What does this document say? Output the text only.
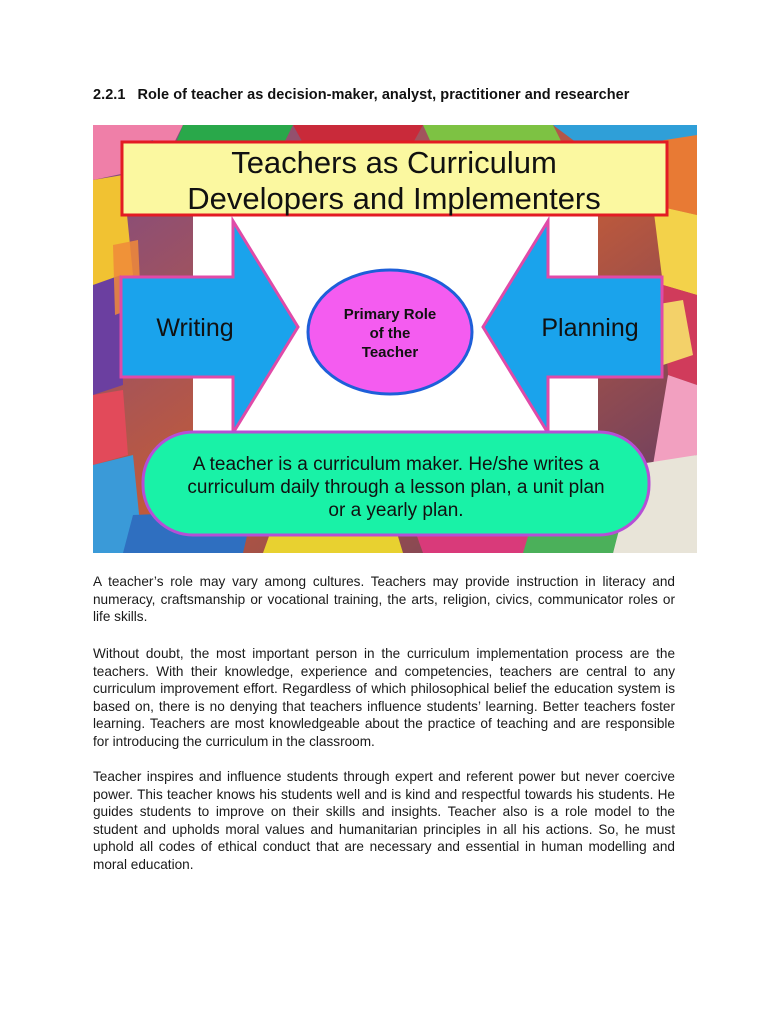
2.2.1 Role of teacher as decision-maker, analyst, practitioner and researcher
Teachers as Curriculum
Developers and Implementers
Writing	Planning
Primary Role
of the
Teacher
A teacher is a curriculum maker. He/she writes a
curriculum daily through a lesson plan, a unit plan
or a yearly plan.

A teacher’s role may vary among cultures. Teachers may provide instruction in literacy and numeracy, craftsmanship or vocational training, the arts, religion, civics, communicator roles or life skills.

Without doubt, the most important person in the curriculum implementation process are the teachers. With their knowledge, experience and competencies, teachers are central to any curriculum improvement effort. Regardless of which philosophical belief the education system is based on, there is no denying that teachers influence students’ learning. Better teachers foster learning. Teachers are most knowledgeable about the practice of teaching and are responsible for introducing the curriculum in the classroom.

Teacher inspires and influence students through expert and referent power but never coercive power. This teacher knows his students well and is kind and respectful towards his students. He guides students to improve on their skills and insights. Teacher also is a role model to the student and upholds moral values and humanitarian principles in all his actions. So, he must uphold all codes of ethical conduct that are necessary and essential in human modelling and moral education.
